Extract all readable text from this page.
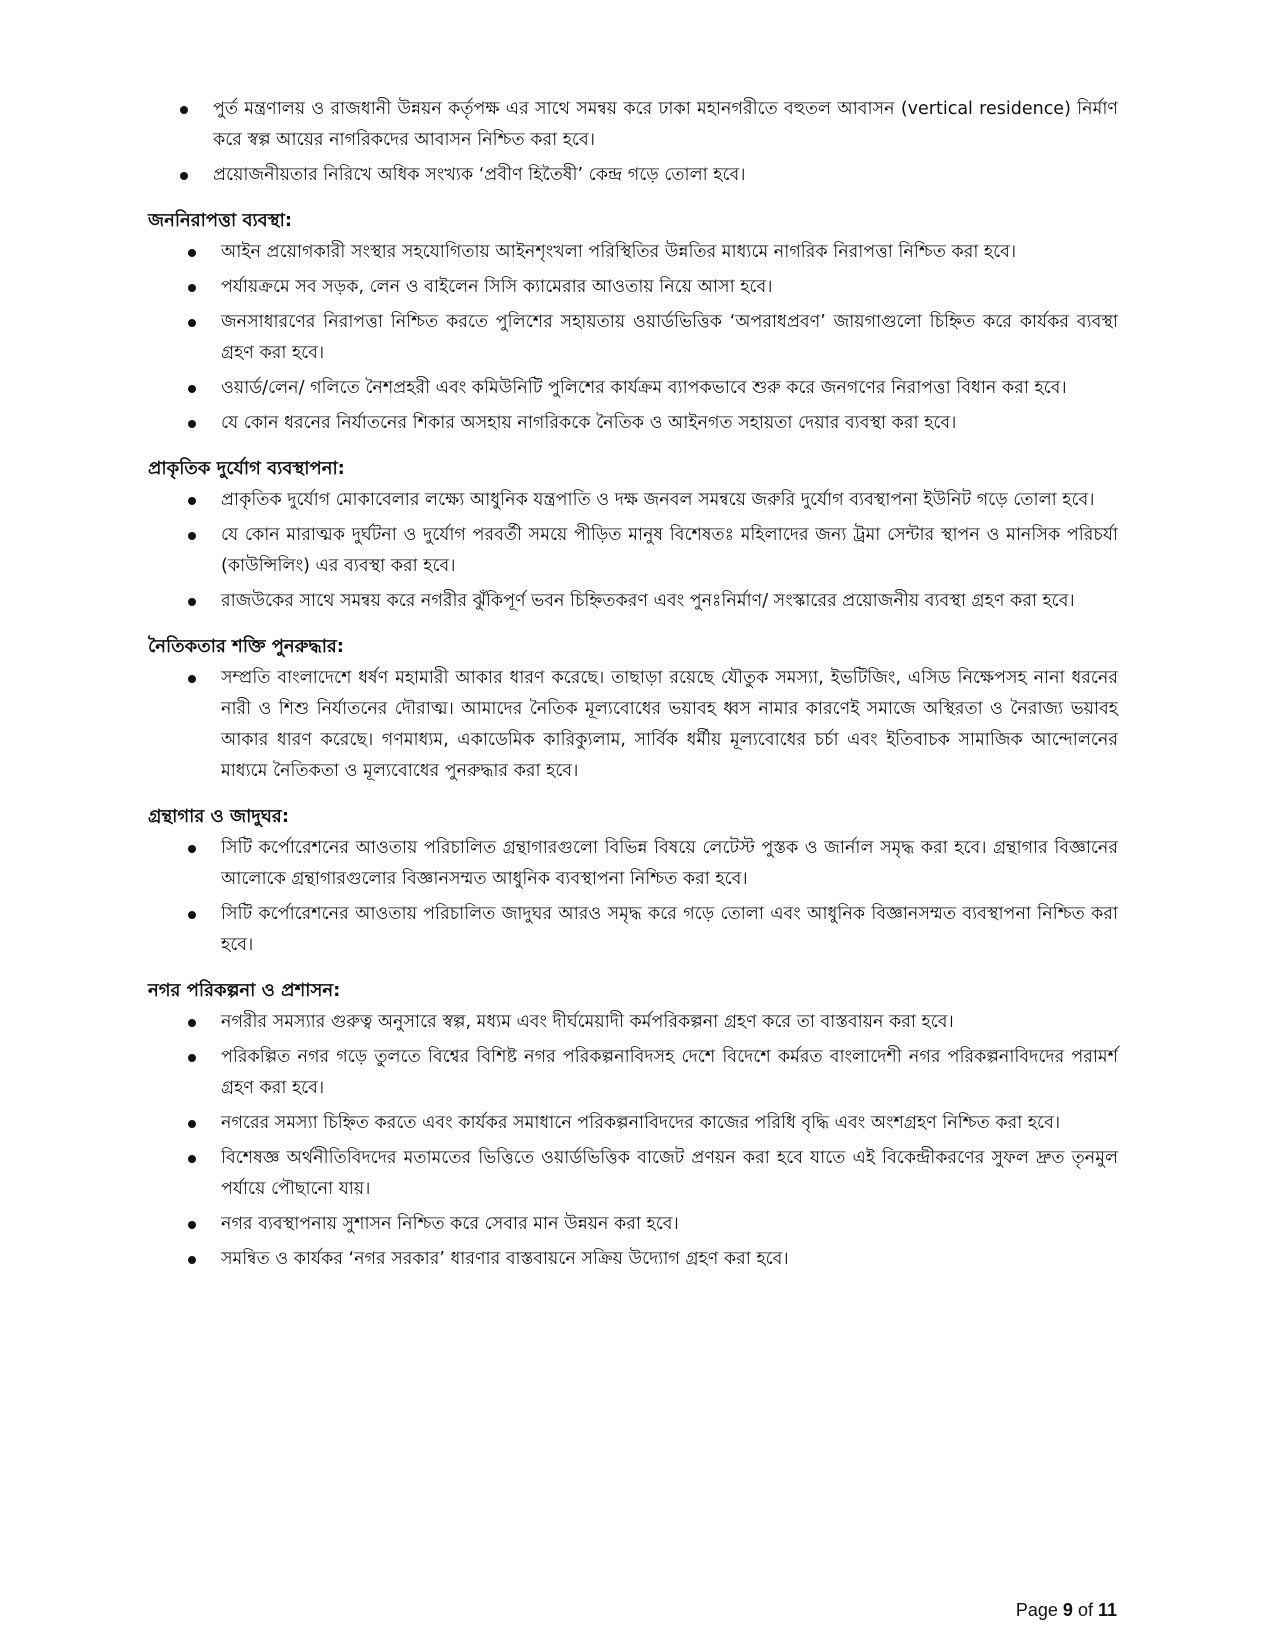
পুর্ত মন্ত্রণালয় ও রাজধানী উন্নয়ন কর্তৃপক্ষ এর সাথে সমন্বয় করে ঢাকা মহানগরীতে বহুতল আবাসন (vertical residence) নির্মাণ করে স্বল্প আয়ের নাগরিকদের আবাসন নিশ্চিত করা হবে।
প্রয়োজনীয়তার নিরিখে অধিক সংখ্যক ‘প্রবীণ হিতৈষী’ কেন্দ্র গড়ে তোলা হবে।
জননিরাপত্তা ব্যবস্থা:
আইন প্রয়োগকারী সংস্থার সহযোগিতায় আইনশৃংখলা পরিস্থিতির উন্নতির মাধ্যমে নাগরিক নিরাপত্তা নিশ্চিত করা হবে।
পর্যায়ক্রমে সব সড়ক, লেন ও বাইলেন সিসি ক্যামেরার আওতায় নিয়ে আসা হবে।
জনসাধারণের নিরাপত্তা নিশ্চিত করতে পুলিশের সহায়তায় ওয়ার্ডভিত্তিক ‘অপরাধপ্রবণ’ জায়গাগুলো চিহ্নিত করে কার্যকর ব্যবস্থা গ্রহণ করা হবে।
ওয়ার্ড/লেন/ গলিতে নৈশপ্রহরী এবং কমিউনিটি পুলিশের কার্যক্রম ব্যাপকভাবে শুরু করে জনগণের নিরাপত্তা বিধান করা হবে।
যে কোন ধরনের নির্যাতনের শিকার অসহায় নাগরিককে নৈতিক ও আইনগত সহায়তা দেয়ার ব্যবস্থা করা হবে।
প্রাকৃতিক দুর্যোগ ব্যবস্থাপনা:
প্রাকৃতিক দুর্যোগ মোকাবেলার লক্ষ্যে আধুনিক যন্ত্রপাতি ও দক্ষ জনবল সমন্বয়ে জরুরি দুর্যোগ ব্যবস্থাপনা ইউনিট গড়ে তোলা হবে।
যে কোন মারাত্মক দুর্ঘটনা ও দুর্যোগ পরবর্তী সময়ে পীড়িত মানুষ বিশেষতঃ মহিলাদের জন্য ট্রমা সেন্টার স্থাপন ও মানসিক পরিচর্যা (কাউন্সিলিং) এর ব্যবস্থা করা হবে।
রাজউকের সাথে সমন্বয় করে নগরীর ঝুঁকিপূর্ণ ভবন চিহ্নিতকরণ এবং পুনঃনির্মাণ/ সংস্কারের প্রয়োজনীয় ব্যবস্থা গ্রহণ করা হবে।
নৈতিকতার শক্তি পুনরুদ্ধার:
সম্প্রতি বাংলাদেশে ধর্ষণ মহামারী আকার ধারণ করেছে। তাছাড়া রয়েছে যৌতুক সমস্যা, ইভটিজিং, এসিড নিক্ষেপসহ নানা ধরনের নারী ও শিশু নির্যাতনের দৌরাত্ম। আমাদের নৈতিক মূল্যবোধের ভয়াবহ ধ্বস নামার কারণেই সমাজে অস্থিরতা ও নৈরাজ্য ভয়াবহ আকার ধারণ করেছে। গণমাধ্যম, একাডেমিক কারিক্যুলাম, সার্বিক ধর্মীয় মূল্যবোধের চর্চা এবং ইতিবাচক সামাজিক আন্দোলনের মাধ্যমে নৈতিকতা ও মূল্যবোধের পুনরুদ্ধার করা হবে।
গ্রন্থাগার ও জাদুঘর:
সিটি কর্পোরেশনের আওতায় পরিচালিত গ্রন্থাগারগুলো বিভিন্ন বিষয়ে লেটেস্ট পুস্তক ও জার্নাল সমৃদ্ধ করা হবে। গ্রন্থাগার বিজ্ঞানের আলোকে গ্রন্থাগারগুলোর বিজ্ঞানসম্মত আধুনিক ব্যবস্থাপনা নিশ্চিত করা হবে।
সিটি কর্পোরেশনের আওতায় পরিচালিত জাদুঘর আরও সমৃদ্ধ করে গড়ে তোলা এবং আধুনিক বিজ্ঞানসম্মত ব্যবস্থাপনা নিশ্চিত করা হবে।
নগর পরিকল্পনা ও প্রশাসন:
নগরীর সমস্যার গুরুত্ব অনুসারে স্বল্প, মধ্যম এবং দীর্ঘমেয়াদী কর্মপরিকল্পনা গ্রহণ করে তা বাস্তবায়ন করা হবে।
পরিকল্পিত নগর গড়ে তুলতে বিশ্বের বিশিষ্ট নগর পরিকল্পনাবিদসহ দেশে বিদেশে কর্মরত বাংলাদেশী নগর পরিকল্পনাবিদদের পরামর্শ গ্রহণ করা হবে।
নগরের সমস্যা চিহ্নিত করতে এবং কার্যকর সমাধানে পরিকল্পনাবিদদের কাজের পরিধি বৃদ্ধি এবং অংশগ্রহণ নিশ্চিত করা হবে।
বিশেষজ্ঞ অর্থনীতিবিদদের মতামতের ভিত্তিতে ওয়ার্ডভিত্তিক বাজেট প্রণয়ন করা হবে যাতে এই বিকেন্দ্রীকরণের সুফল দ্রুত তৃনমুল পর্যায়ে পৌছানো যায়।
নগর ব্যবস্থাপনায় সুশাসন নিশ্চিত করে সেবার মান উন্নয়ন করা হবে।
সমন্বিত ও কার্যকর ‘নগর সরকার’ ধারণার বাস্তবায়নে সক্রিয় উদ্যোগ গ্রহণ করা হবে।
Page 9 of 11
